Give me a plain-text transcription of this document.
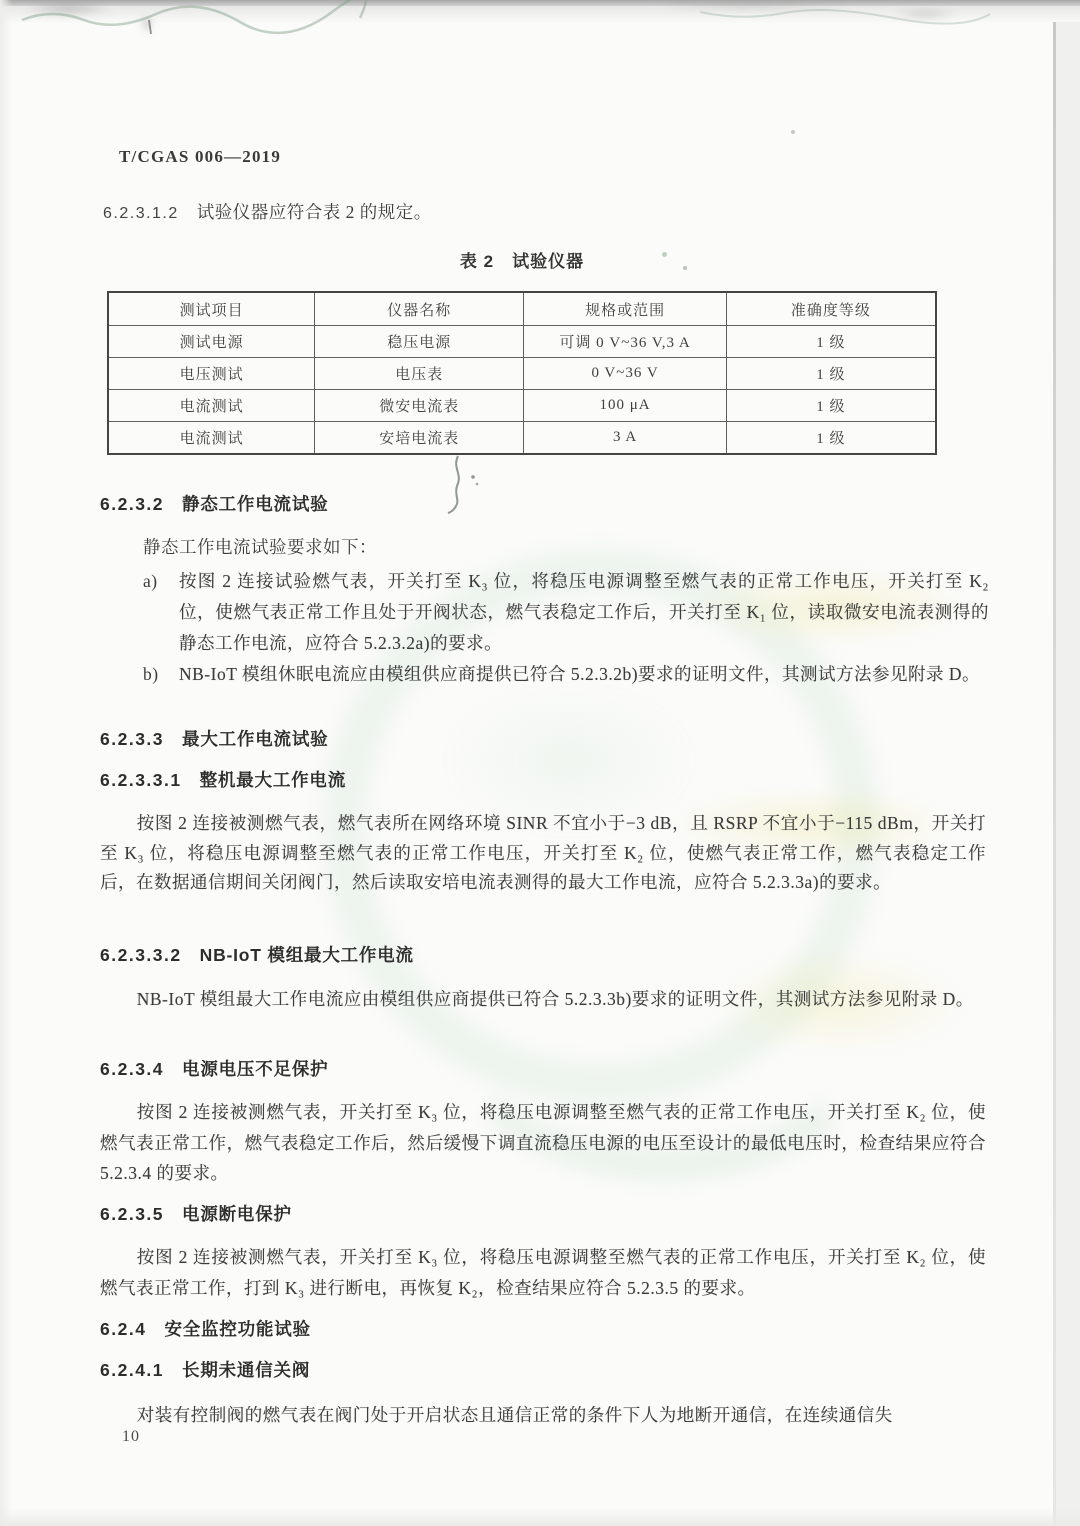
T/CGAS 006—2019
6.2.3.1.2 试验仪器应符合表 2 的规定。
表 2　试验仪器
测试项目	仪器名称	规格或范围	准确度等级
测试电源	稳压电源	可调 0 V~36 V,3 A	1 级
电压测试	电压表	0 V~36 V	1 级
电流测试	微安电流表	100 μA	1 级
电流测试	安培电流表	3 A	1 级
6.2.3.2 静态工作电流试验
静态工作电流试验要求如下：
a)	按图 2 连接试验燃气表，开关打至 K₃ 位，将稳压电源调整至燃气表的正常工作电压，开关打至 K₂ 位，使燃气表正常工作且处于开阀状态，燃气表稳定工作后，开关打至 K₁ 位，读取微安电流表测得的静态工作电流，应符合 5.2.3.2a)的要求。
b)	NB-IoT 模组休眠电流应由模组供应商提供已符合 5.2.3.2b)要求的证明文件，其测试方法参见附录 D。
6.2.3.3 最大工作电流试验
6.2.3.3.1 整机最大工作电流

按图 2 连接被测燃气表，燃气表所在网络环境 SINR 不宜小于−3 dB，且 RSRP 不宜小于−115 dBm，开关打至 K₃ 位，将稳压电源调整至燃气表的正常工作电压，开关打至 K₂ 位，使燃气表正常工作，燃气表稳定工作后，在数据通信期间关闭阀门，然后读取安培电流表测得的最大工作电流，应符合 5.2.3.3a)的要求。

6.2.3.3.2 NB-IoT 模组最大工作电流

NB-IoT 模组最大工作电流应由模组供应商提供已符合 5.2.3.3b)要求的证明文件，其测试方法参见附录 D。

6.2.3.4 电源电压不足保护

按图 2 连接被测燃气表，开关打至 K₃ 位，将稳压电源调整至燃气表的正常工作电压，开关打至 K₂ 位，使燃气表正常工作，燃气表稳定工作后，然后缓慢下调直流稳压电源的电压至设计的最低电压时，检查结果应符合 5.2.3.4 的要求。

6.2.3.5 电源断电保护

按图 2 连接被测燃气表，开关打至 K₃ 位，将稳压电源调整至燃气表的正常工作电压，开关打至 K₂ 位，使燃气表正常工作，打到 K₃ 进行断电，再恢复 K₂，检查结果应符合 5.2.3.5 的要求。

6.2.4 安全监控功能试验
6.2.4.1 长期未通信关阀

对装有控制阀的燃气表在阀门处于开启状态且通信正常的条件下人为地断开通信，在连续通信失

10
